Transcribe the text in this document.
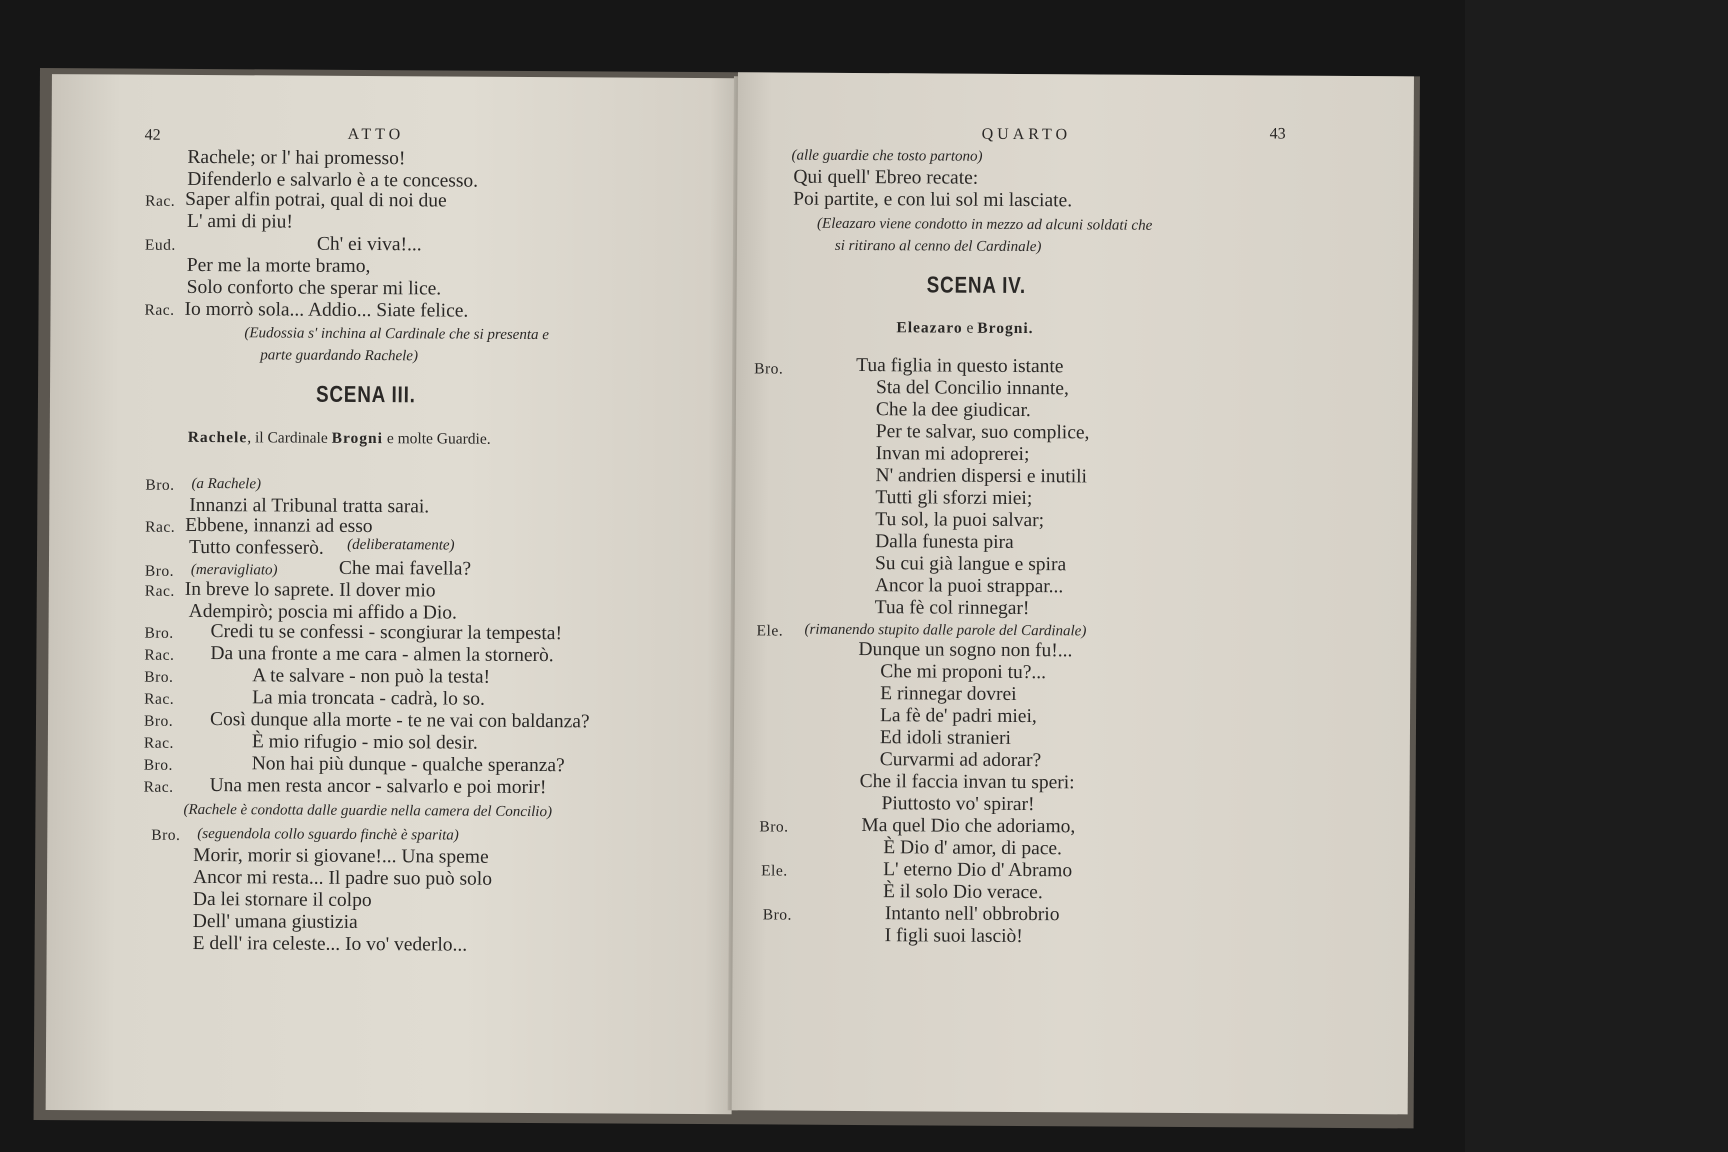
42	ATTO
Rachele; or l' hai promesso!
Difenderlo e salvarlo è a te concesso.
Rac. Saper alfin potrai, qual di noi due
L' ami di piu!
Eud.	Ch' ei viva!...
Per me la morte bramo,
Solo conforto che sperar mi lice.
Rac. Io morrò sola... Addio... Siate felice.
(Eudossia s' inchina al Cardinale che si presenta e
parte guardando Rachele)
SCENA III.
Rachele, il Cardinale Brogni e molte Guardie.
Bro. (a Rachele)
Innanzi al Tribunal tratta sarai.
Rac. Ebbene, innanzi ad esso
Tutto confesserò. (deliberatamente)
Bro. (meravigliato)	Che mai favella?
Rac. In breve lo saprete. Il dover mio
Adempirò; poscia mi affido a Dio.
Bro. Credi tu se confessi - scongiurar la tempesta!
Rac. Da una fronte a me cara - almen la stornerò.
Bro.	A te salvare - non può la testa!
Rac.	La mia troncata - cadrà, lo so.
Bro. Così dunque alla morte - te ne vai con baldanza?
Rac.	È mio rifugio - mio sol desir.
Bro.	Non hai più dunque - qualche speranza?
Rac. Una men resta ancor - salvarlo e poi morir!
(Rachele è condotta dalle guardie nella camera del Concilio)
Bro. (seguendola collo sguardo finchè è sparita)
Morir, morir si giovane!... Una speme
Ancor mi resta... Il padre suo può solo
Da lei stornare il colpo
Dell' umana giustizia
E dell' ira celeste... Io vo' vederlo...
QUARTO	43
(alle guardie che tosto partono)
Qui quell' Ebreo recate:
Poi partite, e con lui sol mi lasciate.
(Eleazaro viene condotto in mezzo ad alcuni soldati che
si ritirano al cenno del Cardinale)
SCENA IV.
Eleazaro e Brogni.
Bro.	Tua figlia in questo istante
Sta del Concilio innante,
Che la dee giudicar.
Per te salvar, suo complice,
Invan mi adoprerei;
N' andrien dispersi e inutili
Tutti gli sforzi miei;
Tu sol, la puoi salvar;
Dalla funesta pira
Su cui già langue e spira
Ancor la puoi strappar...
Tua fè col rinnegar!
Ele. (rimanendo stupito dalle parole del Cardinale)
Dunque un sogno non fu!...
Che mi proponi tu?...
E rinnegar dovrei
La fè de' padri miei,
Ed idoli stranieri
Curvarmi ad adorar?
Che il faccia invan tu speri:
Piuttosto vo' spirar!
Bro.	Ma quel Dio che adoriamo,
È Dio d' amor, di pace.
Ele.	L' eterno Dio d' Abramo
È il solo Dio verace.
Bro.	Intanto nell' obbrobrio
I figli suoi lasciò!
